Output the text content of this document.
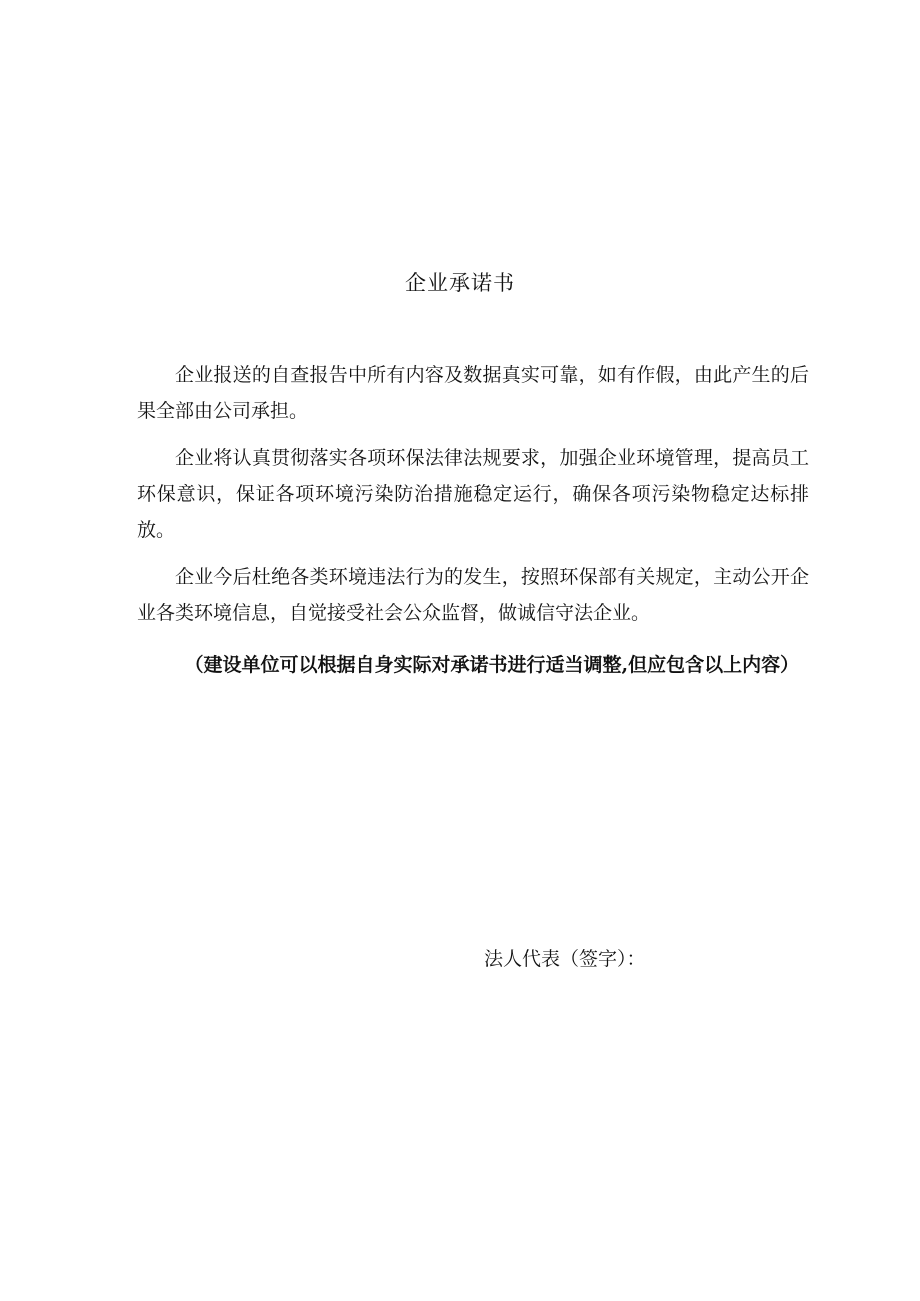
企业承诺书

企业报送的自查报告中所有内容及数据真实可靠，如有作假，由此产生的后果全部由公司承担。

企业将认真贯彻落实各项环保法律法规要求，加强企业环境管理，提高员工环保意识，保证各项环境污染防治措施稳定运行，确保各项污染物稳定达标排放。

企业今后杜绝各类环境违法行为的发生，按照环保部有关规定，主动公开企业各类环境信息，自觉接受社会公众监督，做诚信守法企业。

（建设单位可以根据自身实际对承诺书进行适当调整,但应包含以上内容）

法人代表（签字）：
